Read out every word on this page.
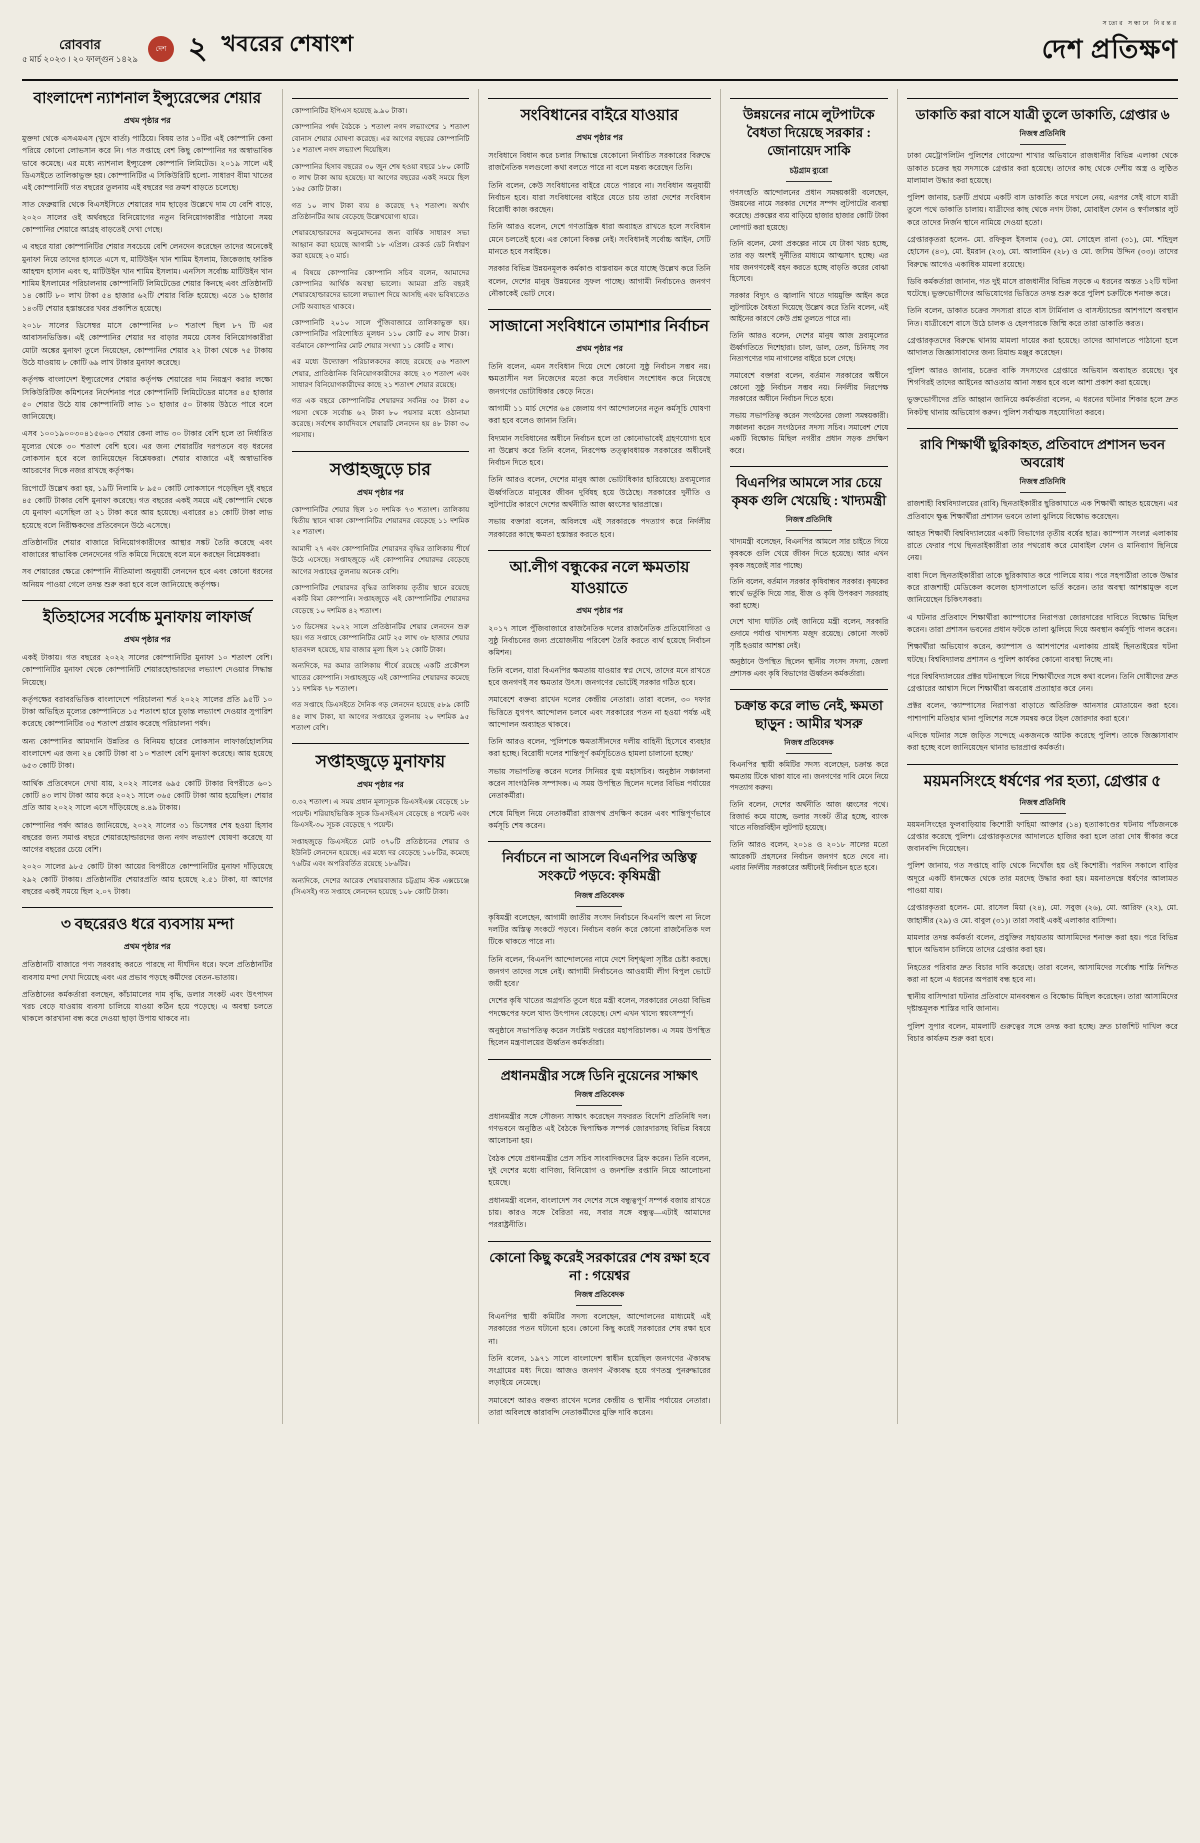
রোববার
৫ মার্চ ২০২৩ । ২০ ফাল্গুন ১৪২৯
দেশ ২ খবরের শেষাংশ
সত্যের সন্ধানে নিরন্তর
দেশ প্রতিক্ষণ
বাংলাদেশ ন্যাশনাল ইন্স্যুরেন্সের শেয়ার
প্রথম পৃষ্ঠার পর

মুক্তদা থেকে এসএমএস (খুদে বার্তা) পাঠিয়ে। বিষয় তার ১০টির এই কোম্পানি কেনা পরিয়ে কোনো লোভসান করে নি। গত সপ্তাহে বেশ কিছু কোম্পানির দর অস্বাভাবিক ভাবে কমেছে। এর মধ্যে ন্যাশনাল ইন্স্যুরেন্স কোম্পানি লিমিটেড। ২০১৯ সালে এই ডিএসইতে তালিকাভুক্ত হয়। কোম্পানিটির এ সিকিউরিটি হলো- সাধারণ বীমা খাতের এই কোম্পানিটি গত বছরের তুলনায় এই বছরের দর ক্রমশ বাড়তে চলেছে।

সাত ফেব্রুয়ারি থেকে বিএসইসিতে শেয়ারের দাম ছাড়ের উল্লেখে দাম যে বেশি বাড়ে, ২০২০ সালের ওই অর্থবছরে বিনিয়োগের নতুন বিনিয়োগকারীর পাঠানো সময় কোম্পানির শেয়ারে আগ্রহ বাড়তেই দেখা গেছে।

এ বছরে যারা কোম্পানিটির শেয়ার সবচেয়ে বেশি লেনদেন করেছেন তাদের অনেকেই মুনাফা নিয়ে তাদের হাসতে এসে ঘ, মাটিউইন খান শামিম ইসলাম, জিকেজাহ ফারিক আহম্মদ হাসান এবং হু, মাটিউইন খান শামিম ইসলাম। এনসিস সর্বোচ্চ মাটিউইন খান শামিম ইসলামের পরিচালনায় কোম্পানিটি লিমিটেডের শেয়ার কিনছে এবং প্রতিষ্ঠানটি ১৪ কোটি ৮০ লাখ টাকা ৫৪ হাজার ৬২টি শেয়ার বিক্রি হয়েছে। এতে ১৬ হাজার ১৪৩টি শেয়ার হস্তান্তরের খবর প্রকাশিত হয়েছে।

২০১৮ সালের ডিসেম্বর মাসে কোম্পানির ৮০ শতাংশ ছিল ৮৭ টি এর আবাসনভিত্তিক। এই কোম্পানির শেয়ার দর বাড়ার সময়ে যেসব বিনিয়োগকারীরা মোটা অঙ্কের মুনাফা তুলে নিয়েছেন, কোম্পানির শেয়ার ২২ টাকা থেকে ৭৫ টাকায় উঠে যাওয়ায় ৮ কোটি ৬৯ লাখ টাকার মুনাফা করেছে।

কর্তৃপক্ষ বাংলাদেশ ইন্স্যুরেন্সের শেয়ার কর্তৃপক্ষ শেয়ারের দাম নিয়ন্ত্রণ করার লক্ষ্যে সিকিউরিটিজ কমিশনের নির্দেশনার পরে কোম্পানিটি লিমিটেডের মাসের ৪৫ হাজার ৫০ শেয়ার উঠে যায় কোম্পানিটি লাভ ১০ হাজার ৫০ টাকায় উঠতে পারে বলে জানিয়েছে।

এসব ১০০১৯০০৩০৪১৫৬০৩ শেয়ার কেনা লাভ ৩০ টাকার বেশি হলে তা নির্ধারিত মূল্যের থেকে ৩০ শতাংশ বেশি হবে। এর জন্য শেয়ারটির দরপতনে বড় ধরনের লোকসান হবে বলে জানিয়েছেন বিশ্লেষকরা। শেয়ার বাজারে এই অস্বাভাবিক আচরণের দিকে নজর রাখছে কর্তৃপক্ষ।

রিপোর্টে উল্লেখ করা হয়, ১৯টি নিলামি ৮ ৯৫০ কোটি লোকসানে পড়েছিল দুই বছরে ৪৫ কোটি টাকার বেশি মুনাফা করেছে। গত বছরের একই সময়ে এই কোম্পানি থেকে যে মুনাফা এসেছিল তা ২১ টাকা করে আয় হয়েছে। এবারের ৪১ কোটি টাকা লাভ হয়েছে বলে নিরীক্ষকদের প্রতিবেদনে উঠে এসেছে।

প্রতিষ্ঠানটির শেয়ার বাজারে বিনিয়োগকারীদের আস্থার সঙ্কট তৈরি করেছে এবং বাজারের স্বাভাবিক লেনদেনের গতি কমিয়ে দিয়েছে বলে মনে করছেন বিশ্লেষকরা।

সব শেয়ারের ক্ষেত্রে কোম্পানি নীতিমালা অনুযায়ী লেনদেন হবে এবং কোনো ধরনের অনিয়ম পাওয়া গেলে তদন্ত শুরু করা হবে বলে জানিয়েছে কর্তৃপক্ষ।

ইতিহাসের সর্বোচ্চ মুনাফায় লাফার্জ
প্রথম পৃষ্ঠার পর

একই টাকায়। গত বছরের ২০২২ সালের কোম্পানিটির মুনাফা ১০ শতাংশ বেশি। কোম্পানিটির মুনাফা থেকে কোম্পানিটি শেয়ারহোল্ডারদের লভ্যাংশ দেওয়ার সিদ্ধান্ত নিয়েছে।

কর্তৃপক্ষের বরাবরভিত্তিক বাংলাদেশে পরিচালনা শর্ত ২০২২ সালের প্রতি ৯৫টি ১০ টাকা অভিহিত মূল্যের কোম্পানিতে ১৫ শতাংশ হারে চূড়ান্ত লভ্যাংশ দেওয়ার সুপারিশ করেছে কোম্পানিটির ৩৫ শতাংশ প্রস্তাব করেছে পরিচালনা পর্ষদ।

অন্য কোম্পানির আমদানি উন্নতির ও বিনিময় হারের লোকসান লাফার্জহোলসিম বাংলাদেশ এর জন্য ২৪ কোটি টাকা বা ১০ শতাংশ বেশি মুনাফা করেছে। আয় হয়েছে ৬৫৩ কোটি টাকা।

আর্থিক প্রতিবেদনে দেখা যায়, ২০২২ সালের ৬৯৫ কোটি টাকার বিপরীতে ৬০১ কোটি ৪৩ লাখ টাকা আয় করে ২০২১ সালে ৩৬৫ কোটি টাকা আয় হয়েছিল। শেয়ার প্রতি আয় ২০২২ সালে এসে দাঁড়িয়েছে ৪.৪৯ টাকায়।

কোম্পানির পর্ষদ আরও জানিয়েছে, ২০২২ সালের ৩১ ডিসেম্বর শেষ হওয়া হিসাব বছরের জন্য সমাপ্ত বছরে শেয়ারহোল্ডারদের জন্য নগদ লভ্যাংশ ঘোষণা করেছে যা আগের বছরের চেয়ে বেশি।

২০২০ সালের ৯৮৫ কোটি টাকা আয়ের বিপরীতে কোম্পানিটির মুনাফা দাঁড়িয়েছে ২৯২ কোটি টাকায়। প্রতিষ্ঠানটির শেয়ারপ্রতি আয় হয়েছে ২.৫১ টাকা, যা আগের বছরের একই সময়ে ছিল ২.০৭ টাকা।

৩ বছরেরও ধরে ব্যবসায় মন্দা
প্রথম পৃষ্ঠার পর

প্রতিষ্ঠানটি বাজারে পণ্য সরবরাহ করতে পারছে না দীর্ঘদিন ধরে। ফলে প্রতিষ্ঠানটির ব্যবসায় মন্দা দেখা দিয়েছে এবং এর প্রভাব পড়ছে কর্মীদের বেতন-ভাতায়।

প্রতিষ্ঠানের কর্মকর্তারা বলছেন, কাঁচামালের দাম বৃদ্ধি, ডলার সংকট এবং উৎপাদন খরচ বেড়ে যাওয়ায় ব্যবসা চালিয়ে যাওয়া কঠিন হয়ে পড়েছে। এ অবস্থা চলতে থাকলে কারখানা বন্ধ করে দেওয়া ছাড়া উপায় থাকবে না।

কোম্পানিটির ইপিএস হয়েছে ৯.৯০ টাকা।

কোম্পানির পর্ষদ বৈঠকে ১ শতাংশ নগদ লভ্যাংশের ১ শতাংশ বোনাস শেয়ার ঘোষণা করেছে। এর আগের বছরের কোম্পানিটি ১৫ শতাংশ নগদ লভ্যাংশ দিয়েছিল।

কোম্পানির হিসাব বছরের ৩০ জুন শেষ হওয়া বছরে ১৮০ কোটি ৩ লাখ টাকা আয় হয়েছে। যা আগের বছরের একই সময়ে ছিল ১৬৫ কোটি টাকা।

গত ১০ লাখ টাকা ব্যয় ৪ করেছে ৭২ শতাংশ। অর্থাৎ প্রতিষ্ঠানটির আয় বেড়েছে উল্লেখযোগ্য হারে।

শেয়ারহোল্ডারদের অনুমোদনের জন্য বার্ষিক সাধারণ সভা আহ্বান করা হয়েছে আগামী ১৮ এপ্রিল। রেকর্ড ডেট নির্ধারণ করা হয়েছে ২৩ মার্চ।

এ বিষয়ে কোম্পানির কোম্পানি সচিব বলেন, আমাদের কোম্পানির আর্থিক অবস্থা ভালো। আমরা প্রতি বছরই শেয়ারহোল্ডারদের ভালো লভ্যাংশ দিয়ে আসছি এবং ভবিষ্যতেও সেটি অব্যাহত থাকবে।

কোম্পানিটি ২০১০ সালে পুঁজিবাজারে তালিকাভুক্ত হয়। কোম্পানিটির পরিশোধিত মূলধন ১১০ কোটি ৫০ লাখ টাকা। বর্তমানে কোম্পানির মোট শেয়ার সংখ্যা ১১ কোটি ৫ লাখ।

এর মধ্যে উদ্যোক্তা পরিচালকদের কাছে রয়েছে ৫৬ শতাংশ শেয়ার, প্রাতিষ্ঠানিক বিনিয়োগকারীদের কাছে ২৩ শতাংশ এবং সাধারণ বিনিয়োগকারীদের কাছে ২১ শতাংশ শেয়ার রয়েছে।

গত এক বছরে কোম্পানিটির শেয়ারদর সর্বনিম্ন ৩৫ টাকা ৫০ পয়সা থেকে সর্বোচ্চ ৬২ টাকা ৮০ পয়সার মধ্যে ওঠানামা করেছে। সর্বশেষ কার্যদিবসে শেয়ারটি লেনদেন হয় ৪৮ টাকা ৩০ পয়সায়।

সপ্তাহজুড়ে চার
প্রথম পৃষ্ঠার পর

কোম্পানিটির শেয়ার ছিল ১৩ দশমিক ৭৩ শতাংশ। তালিকায় দ্বিতীয় স্থানে থাকা কোম্পানিটির শেয়ারদর বেড়েছে ১১ দশমিক ২৫ শতাংশ।

আমাদী ২৭ এবং কোম্পানিটির শেয়ারদর বৃদ্ধির তালিকায় শীর্ষে উঠে এসেছে। সপ্তাহজুড়ে এই কোম্পানির শেয়ারদর বেড়েছে আগের সপ্তাহের তুলনায় অনেক বেশি।

কোম্পানিটির শেয়ারদর বৃদ্ধির তালিকায় তৃতীয় স্থানে রয়েছে একটি বিমা কোম্পানি। সপ্তাহজুড়ে এই কোম্পানিটির শেয়ারদর বেড়েছে ১০ দশমিক ৪২ শতাংশ।

১৩ ডিসেম্বর ২০২২ সালে প্রতিষ্ঠানটির শেয়ার লেনদেন শুরু হয়। গত সপ্তাহে কোম্পানিটির মোট ২৫ লাখ ৩৮ হাজার শেয়ার হাতবদল হয়েছে, যার বাজার মূল্য ছিল ১২ কোটি টাকা।

অন্যদিকে, দর কমার তালিকায় শীর্ষে রয়েছে একটি প্রকৌশল খাতের কোম্পানি। সপ্তাহজুড়ে এই কোম্পানির শেয়ারদর কমেছে ১১ দশমিক ৭৮ শতাংশ।

গত সপ্তাহে ডিএসইতে দৈনিক গড় লেনদেন হয়েছে ৫৮৯ কোটি ৪৫ লাখ টাকা, যা আগের সপ্তাহের তুলনায় ২০ দশমিক ৯৫ শতাংশ বেশি।

সপ্তাহজুড়ে মুনাফায়
প্রথম পৃষ্ঠার পর

৩.৩২ শতাংশ। এ সময় প্রধান মূল্যসূচক ডিএসইএক্স বেড়েছে ১৮ পয়েন্ট। শরিয়াহভিত্তিক সূচক ডিএসইএস বেড়েছে ৪ পয়েন্ট এবং ডিএসই-৩০ সূচক বেড়েছে ৭ পয়েন্ট।

সপ্তাহজুড়ে ডিএসইতে মোট ৩৭০টি প্রতিষ্ঠানের শেয়ার ও ইউনিট লেনদেন হয়েছে। এর মধ্যে দর বেড়েছে ১০৮টির, কমেছে ৭৬টির এবং অপরিবর্তিত রয়েছে ১৮৬টির।

অন্যদিকে, দেশের আরেক শেয়ারবাজার চট্টগ্রাম স্টক এক্সচেঞ্জে (সিএসই) গত সপ্তাহে লেনদেন হয়েছে ১০৮ কোটি টাকা।

সংবিধানের বাইরে যাওয়ার
প্রথম পৃষ্ঠার পর

সংবিধানে বিধান করে চলার সিদ্ধান্তে যেকোনো নির্বাচিত সরকারের বিরুদ্ধে রাজনৈতিক দলগুলো কথা বলতে পারে না বলে মন্তব্য করেছেন তিনি।

তিনি বলেন, কেউ সংবিধানের বাইরে যেতে পারবে না। সংবিধান অনুযায়ী নির্বাচন হবে। যারা সংবিধানের বাইরে যেতে চায় তারা দেশের সংবিধান বিরোধী কাজ করছেন।

তিনি আরও বলেন, দেশে গণতান্ত্রিক ধারা অব্যাহত রাখতে হলে সংবিধান মেনে চলতেই হবে। এর কোনো বিকল্প নেই। সংবিধানই সর্বোচ্চ আইন, সেটি মানতে হবে সবাইকে।

সরকার বিভিন্ন উন্নয়নমূলক কর্মকাণ্ড বাস্তবায়ন করে যাচ্ছে উল্লেখ করে তিনি বলেন, দেশের মানুষ উন্নয়নের সুফল পাচ্ছে। আগামী নির্বাচনেও জনগণ নৌকাকেই ভোট দেবে।

সাজানো সংবিধানে তামাশার নির্বাচন
প্রথম পৃষ্ঠার পর

তিনি বলেন, এমন সংবিধান দিয়ে দেশে কোনো সুষ্ঠু নির্বাচন সম্ভব নয়। ক্ষমতাসীন দল নিজেদের মতো করে সংবিধান সংশোধন করে নিয়েছে জনগণের ভোটাধিকার কেড়ে নিতে।

আগামী ১১ মার্চ দেশের ৬৪ জেলায় গণ আন্দোলনের নতুন কর্মসূচি ঘোষণা করা হবে বলেও জানান তিনি।

বিদ্যমান সংবিধানের অধীনে নির্বাচন হলে তা কোনোভাবেই গ্রহণযোগ্য হবে না উল্লেখ করে তিনি বলেন, নিরপেক্ষ তত্ত্বাবধায়ক সরকারের অধীনেই নির্বাচন দিতে হবে।

তিনি আরও বলেন, দেশের মানুষ আজ ভোটাধিকার হারিয়েছে। দ্রব্যমূল্যের ঊর্ধ্বগতিতে মানুষের জীবন দুর্বিষহ হয়ে উঠেছে। সরকারের দুর্নীতি ও লুটপাটের কারণে দেশের অর্থনীতি আজ ধ্বংসের দ্বারপ্রান্তে।

সভায় বক্তারা বলেন, অবিলম্বে এই সরকারকে পদত্যাগ করে নির্দলীয় সরকারের কাছে ক্ষমতা হস্তান্তর করতে হবে।

আ.লীগ বন্ধুকের নলে ক্ষমতায় যাওয়াতে
প্রথম পৃষ্ঠার পর

২০১৭ সালে পুঁজিবাজারে রাজনৈতিক দলের রাজনৈতিক প্রতিযোগিতা ও সুষ্ঠু নির্বাচনের জন্য প্রয়োজনীয় পরিবেশ তৈরি করতে ব্যর্থ হয়েছে নির্বাচন কমিশন।

তিনি বলেন, যারা বিএনপির ক্ষমতায় যাওয়ার স্বপ্ন দেখে, তাদের মনে রাখতে হবে জনগণই সব ক্ষমতার উৎস। জনগণের ভোটেই সরকার গঠিত হবে।

সমাবেশে বক্তব্য রাখেন দলের কেন্দ্রীয় নেতারা। তারা বলেন, ৩০ দফার ভিত্তিতে যুগপৎ আন্দোলন চলবে এবং সরকারের পতন না হওয়া পর্যন্ত এই আন্দোলন অব্যাহত থাকবে।

তিনি আরও বলেন, 'পুলিশকে ক্ষমতাসীনদের দলীয় বাহিনী হিসেবে ব্যবহার করা হচ্ছে। বিরোধী দলের শান্তিপূর্ণ কর্মসূচিতেও হামলা চালানো হচ্ছে।'

সভায় সভাপতিত্ব করেন দলের সিনিয়র যুগ্ম মহাসচিব। অনুষ্ঠান সঞ্চালনা করেন সাংগঠনিক সম্পাদক। এ সময় উপস্থিত ছিলেন দলের বিভিন্ন পর্যায়ের নেতাকর্মীরা।

শেষে মিছিল নিয়ে নেতাকর্মীরা রাজপথ প্রদক্ষিণ করেন এবং শান্তিপূর্ণভাবে কর্মসূচি শেষ করেন।

নির্বাচনে না আসলে বিএনপির অস্তিত্ব সংকটে পড়বে: কৃষিমন্ত্রী
নিজস্ব প্রতিবেদক

কৃষিমন্ত্রী বলেছেন, আগামী জাতীয় সংসদ নির্বাচনে বিএনপি অংশ না নিলে দলটির অস্তিত্ব সংকটে পড়বে। নির্বাচন বর্জন করে কোনো রাজনৈতিক দল টিকে থাকতে পারে না।

তিনি বলেন, 'বিএনপি আন্দোলনের নামে দেশে বিশৃঙ্খলা সৃষ্টির চেষ্টা করছে। জনগণ তাদের সঙ্গে নেই। আগামী নির্বাচনেও আওয়ামী লীগ বিপুল ভোটে জয়ী হবে।'

দেশের কৃষি খাতের অগ্রগতি তুলে ধরে মন্ত্রী বলেন, সরকারের নেওয়া বিভিন্ন পদক্ষেপের ফলে খাদ্য উৎপাদন বেড়েছে। দেশ এখন খাদ্যে স্বয়ংসম্পূর্ণ।

অনুষ্ঠানে সভাপতিত্ব করেন সংশ্লিষ্ট দপ্তরের মহাপরিচালক। এ সময় উপস্থিত ছিলেন মন্ত্রণালয়ের ঊর্ধ্বতন কর্মকর্তারা।

প্রধানমন্ত্রীর সঙ্গে ডিনি নুয়েনের সাক্ষাৎ
নিজস্ব প্রতিবেদক

প্রধানমন্ত্রীর সঙ্গে সৌজন্য সাক্ষাৎ করেছেন সফররত বিদেশি প্রতিনিধি দল। গণভবনে অনুষ্ঠিত এই বৈঠকে দ্বিপাক্ষিক সম্পর্ক জোরদারসহ বিভিন্ন বিষয়ে আলোচনা হয়।

বৈঠক শেষে প্রধানমন্ত্রীর প্রেস সচিব সাংবাদিকদের ব্রিফ করেন। তিনি বলেন, দুই দেশের মধ্যে বাণিজ্য, বিনিয়োগ ও জনশক্তি রপ্তানি নিয়ে আলোচনা হয়েছে।

প্রধানমন্ত্রী বলেন, বাংলাদেশ সব দেশের সঙ্গে বন্ধুত্বপূর্ণ সম্পর্ক বজায় রাখতে চায়। কারও সঙ্গে বৈরিতা নয়, সবার সঙ্গে বন্ধুত্ব—এটাই আমাদের পররাষ্ট্রনীতি।

কোনো কিছু করেই সরকারের শেষ রক্ষা হবে না : গয়েশ্বর
নিজস্ব প্রতিবেদক

বিএনপির স্থায়ী কমিটির সদস্য বলেছেন, আন্দোলনের মাধ্যমেই এই সরকারের পতন ঘটানো হবে। কোনো কিছু করেই সরকারের শেষ রক্ষা হবে না।

তিনি বলেন, ১৯৭১ সালে বাংলাদেশ স্বাধীন হয়েছিল জনগণের ঐক্যবদ্ধ সংগ্রামের মধ্য দিয়ে। আজও জনগণ ঐক্যবদ্ধ হয়ে গণতন্ত্র পুনরুদ্ধারের লড়াইয়ে নেমেছে।

সমাবেশে আরও বক্তব্য রাখেন দলের কেন্দ্রীয় ও স্থানীয় পর্যায়ের নেতারা। তারা অবিলম্বে কারাবন্দি নেতাকর্মীদের মুক্তি দাবি করেন।

উন্নয়নের নামে লুটপাটকে বৈধতা দিয়েছে সরকার : জোনায়েদ সাকি
চট্টগ্রাম ব্যুরো

গণসংহতি আন্দোলনের প্রধান সমন্বয়কারী বলেছেন, উন্নয়নের নামে সরকার দেশের সম্পদ লুটপাটের ব্যবস্থা করেছে। প্রকল্পের ব্যয় বাড়িয়ে হাজার হাজার কোটি টাকা লোপাট করা হয়েছে।

তিনি বলেন, মেগা প্রকল্পের নামে যে টাকা খরচ হচ্ছে, তার বড় অংশই দুর্নীতির মাধ্যমে আত্মসাৎ হচ্ছে। এর দায় জনগণকেই বহন করতে হচ্ছে বাড়তি করের বোঝা হিসেবে।

সরকার বিদ্যুৎ ও জ্বালানি খাতে দায়মুক্তি আইন করে লুটপাটকে বৈধতা দিয়েছে উল্লেখ করে তিনি বলেন, এই আইনের কারণে কেউ প্রশ্ন তুলতে পারে না।

তিনি আরও বলেন, দেশের মানুষ আজ দ্রব্যমূল্যের ঊর্ধ্বগতিতে দিশেহারা। চাল, ডাল, তেল, চিনিসহ সব নিত্যপণ্যের দাম নাগালের বাইরে চলে গেছে।

সমাবেশে বক্তারা বলেন, বর্তমান সরকারের অধীনে কোনো সুষ্ঠু নির্বাচন সম্ভব নয়। নির্দলীয় নিরপেক্ষ সরকারের অধীনে নির্বাচন দিতে হবে।

সভায় সভাপতিত্ব করেন সংগঠনের জেলা সমন্বয়কারী। সঞ্চালনা করেন সংগঠনের সদস্য সচিব। সমাবেশ শেষে একটি বিক্ষোভ মিছিল নগরীর প্রধান সড়ক প্রদক্ষিণ করে।

বিএনপির আমলে সার চেয়ে কৃষক গুলি খেয়েছি : খাদ্যমন্ত্রী
নিজস্ব প্রতিনিধি

খাদ্যমন্ত্রী বলেছেন, বিএনপির আমলে সার চাইতে গিয়ে কৃষককে গুলি খেয়ে জীবন দিতে হয়েছে। আর এখন কৃষক সহজেই সার পাচ্ছে।

তিনি বলেন, বর্তমান সরকার কৃষিবান্ধব সরকার। কৃষকের স্বার্থে ভর্তুকি দিয়ে সার, বীজ ও কৃষি উপকরণ সরবরাহ করা হচ্ছে।

দেশে খাদ্য ঘাটতি নেই জানিয়ে মন্ত্রী বলেন, সরকারি গুদামে পর্যাপ্ত খাদ্যশস্য মজুদ রয়েছে। কোনো সংকট সৃষ্টি হওয়ার আশঙ্কা নেই।

অনুষ্ঠানে উপস্থিত ছিলেন স্থানীয় সংসদ সদস্য, জেলা প্রশাসক এবং কৃষি বিভাগের ঊর্ধ্বতন কর্মকর্তারা।

চক্রান্ত করে লাভ নেই, ক্ষমতা ছাড়ুন : আমীর খসরু
নিজস্ব প্রতিবেদক

বিএনপির স্থায়ী কমিটির সদস্য বলেছেন, চক্রান্ত করে ক্ষমতায় টিকে থাকা যাবে না। জনগণের দাবি মেনে নিয়ে পদত্যাগ করুন।

তিনি বলেন, দেশের অর্থনীতি আজ ধ্বংসের পথে। রিজার্ভ কমে যাচ্ছে, ডলার সংকট তীব্র হচ্ছে, ব্যাংক খাতে নজিরবিহীন লুটপাট হয়েছে।

তিনি আরও বলেন, ২০১৪ ও ২০১৮ সালের মতো আরেকটি প্রহসনের নির্বাচন জনগণ হতে দেবে না। এবার নির্দলীয় সরকারের অধীনেই নির্বাচন হতে হবে।

ডাকাতি করা বাসে যাত্রী তুলে ডাকাতি, গ্রেপ্তার ৬
নিজস্ব প্রতিনিধি

ঢাকা মেট্রোপলিটন পুলিশের গোয়েন্দা শাখার অভিযানে রাজধানীর বিভিন্ন এলাকা থেকে ডাকাত চক্রের ছয় সদস্যকে গ্রেপ্তার করা হয়েছে। তাদের কাছ থেকে দেশীয় অস্ত্র ও লুণ্ঠিত মালামাল উদ্ধার করা হয়েছে।

পুলিশ জানায়, চক্রটি প্রথমে একটি বাস ডাকাতি করে দখলে নেয়, এরপর সেই বাসে যাত্রী তুলে পথে ডাকাতি চালায়। যাত্রীদের কাছ থেকে নগদ টাকা, মোবাইল ফোন ও স্বর্ণালঙ্কার লুট করে তাদের নির্জন স্থানে নামিয়ে দেওয়া হতো।

গ্রেপ্তারকৃতরা হলেন- মো. রফিকুল ইসলাম (৩৫), মো. সোহেল রানা (৩১), মো. শহিদুল হোসেন (৪০), মো. ইমরান (২৩), মো. আলামিন (২৮) ও মো. জসিম উদ্দিন (৩৩)। তাদের বিরুদ্ধে আগেও একাধিক মামলা রয়েছে।

ডিবি কর্মকর্তারা জানান, গত দুই মাসে রাজধানীর বিভিন্ন সড়কে এ ধরনের অন্তত ১২টি ঘটনা ঘটেছে। ভুক্তভোগীদের অভিযোগের ভিত্তিতে তদন্ত শুরু করে পুলিশ চক্রটিকে শনাক্ত করে।

তিনি বলেন, ডাকাত চক্রের সদস্যরা রাতে বাস টার্মিনাল ও বাসস্ট্যান্ডের আশপাশে অবস্থান নিত। যাত্রীবেশে বাসে উঠে চালক ও হেলপারকে জিম্মি করে তারা ডাকাতি করত।

গ্রেপ্তারকৃতদের বিরুদ্ধে থানায় মামলা দায়ের করা হয়েছে। তাদের আদালতে পাঠানো হলে আদালত জিজ্ঞাসাবাদের জন্য রিমান্ড মঞ্জুর করেছেন।

পুলিশ আরও জানায়, চক্রের বাকি সদস্যদের গ্রেপ্তারে অভিযান অব্যাহত রয়েছে। খুব শিগগিরই তাদের আইনের আওতায় আনা সম্ভব হবে বলে আশা প্রকাশ করা হয়েছে।

ভুক্তভোগীদের প্রতি আহ্বান জানিয়ে কর্মকর্তারা বলেন, এ ধরনের ঘটনার শিকার হলে দ্রুত নিকটস্থ থানায় অভিযোগ করুন। পুলিশ সর্বাত্মক সহযোগিতা করবে।

রাবি শিক্ষার্থী ছুরিকাহত, প্রতিবাদে প্রশাসন ভবন অবরোধ
নিজস্ব প্রতিনিধি

রাজশাহী বিশ্ববিদ্যালয়ের (রাবি) ছিনতাইকারীর ছুরিকাঘাতে এক শিক্ষার্থী আহত হয়েছেন। এর প্রতিবাদে ক্ষুব্ধ শিক্ষার্থীরা প্রশাসন ভবনে তালা ঝুলিয়ে বিক্ষোভ করেছেন।

আহত শিক্ষার্থী বিশ্ববিদ্যালয়ের একটি বিভাগের তৃতীয় বর্ষের ছাত্র। ক্যাম্পাস সংলগ্ন এলাকায় রাতে ফেরার পথে ছিনতাইকারীরা তার পথরোধ করে মোবাইল ফোন ও মানিব্যাগ ছিনিয়ে নেয়।

বাধা দিলে ছিনতাইকারীরা তাকে ছুরিকাঘাত করে পালিয়ে যায়। পরে সহপাঠীরা তাকে উদ্ধার করে রাজশাহী মেডিকেল কলেজ হাসপাতালে ভর্তি করেন। তার অবস্থা আশঙ্কামুক্ত বলে জানিয়েছেন চিকিৎসকরা।

এ ঘটনার প্রতিবাদে শিক্ষার্থীরা ক্যাম্পাসের নিরাপত্তা জোরদারের দাবিতে বিক্ষোভ মিছিল করেন। তারা প্রশাসন ভবনের প্রধান ফটকে তালা ঝুলিয়ে দিয়ে অবস্থান কর্মসূচি পালন করেন।

শিক্ষার্থীরা অভিযোগ করেন, ক্যাম্পাস ও আশপাশের এলাকায় প্রায়ই ছিনতাইয়ের ঘটনা ঘটছে। বিশ্ববিদ্যালয় প্রশাসন ও পুলিশ কার্যকর কোনো ব্যবস্থা নিচ্ছে না।

পরে বিশ্ববিদ্যালয়ের প্রক্টর ঘটনাস্থলে গিয়ে শিক্ষার্থীদের সঙ্গে কথা বলেন। তিনি দোষীদের দ্রুত গ্রেপ্তারের আশ্বাস দিলে শিক্ষার্থীরা অবরোধ প্রত্যাহার করে নেন।

প্রক্টর বলেন, 'ক্যাম্পাসের নিরাপত্তা বাড়াতে অতিরিক্ত আনসার মোতায়েন করা হবে। পাশাপাশি মতিহার থানা পুলিশের সঙ্গে সমন্বয় করে টহল জোরদার করা হবে।'

এদিকে ঘটনার সঙ্গে জড়িত সন্দেহে একজনকে আটক করেছে পুলিশ। তাকে জিজ্ঞাসাবাদ করা হচ্ছে বলে জানিয়েছেন থানার ভারপ্রাপ্ত কর্মকর্তা।

ময়মনসিংহে ধর্ষণের পর হত্যা, গ্রেপ্তার ৫
নিজস্ব প্রতিনিধি

ময়মনসিংহের ফুলবাড়িয়ায় কিশোরী ফাহিমা আক্তার (১৪) হত্যাকাণ্ডের ঘটনায় পাঁচজনকে গ্রেপ্তার করেছে পুলিশ। গ্রেপ্তারকৃতদের আদালতে হাজির করা হলে তারা দোষ স্বীকার করে জবানবন্দি দিয়েছেন।

পুলিশ জানায়, গত সপ্তাহে বাড়ি থেকে নিখোঁজ হয় ওই কিশোরী। পরদিন সকালে বাড়ির অদূরে একটি ধানক্ষেত থেকে তার মরদেহ উদ্ধার করা হয়। ময়নাতদন্তে ধর্ষণের আলামত পাওয়া যায়।

গ্রেপ্তারকৃতরা হলেন- মো. রাসেল মিয়া (২৪), মো. সবুজ (২৬), মো. আরিফ (২২), মো. জাহাঙ্গীর (২৯) ও মো. বাবুল (৩১)। তারা সবাই একই এলাকার বাসিন্দা।

মামলার তদন্ত কর্মকর্তা বলেন, প্রযুক্তির সহায়তায় আসামিদের শনাক্ত করা হয়। পরে বিভিন্ন স্থানে অভিযান চালিয়ে তাদের গ্রেপ্তার করা হয়।

নিহতের পরিবার দ্রুত বিচার দাবি করেছে। তারা বলেন, আসামিদের সর্বোচ্চ শাস্তি নিশ্চিত করা না হলে এ ধরনের অপরাধ বন্ধ হবে না।

স্থানীয় বাসিন্দারা ঘটনার প্রতিবাদে মানববন্ধন ও বিক্ষোভ মিছিল করেছেন। তারা আসামিদের দৃষ্টান্তমূলক শাস্তির দাবি জানান।

পুলিশ সুপার বলেন, মামলাটি গুরুত্বের সঙ্গে তদন্ত করা হচ্ছে। দ্রুত চার্জশিট দাখিল করে বিচার কার্যক্রম শুরু করা হবে।
